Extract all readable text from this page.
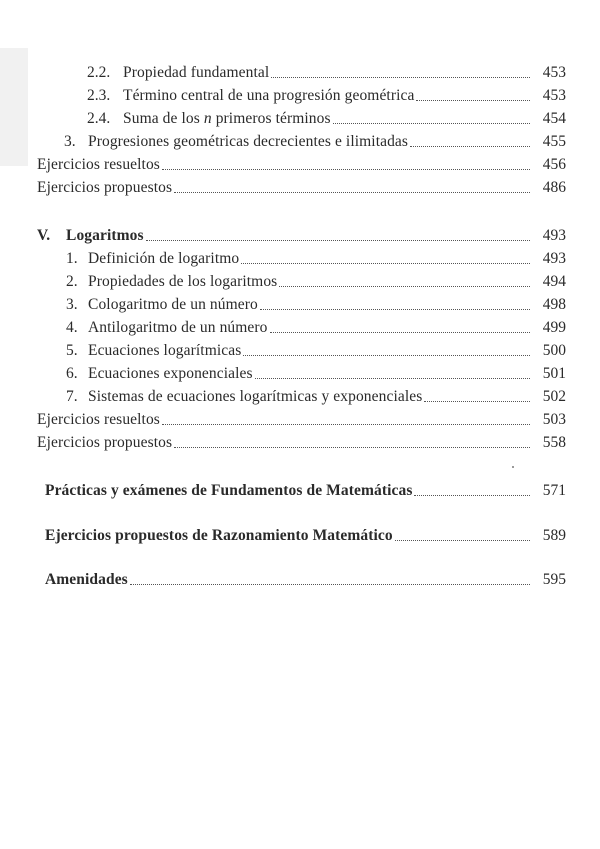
2.2. Propiedad fundamental	453
2.3. Término central de una progresión geométrica	453
2.4. Suma de los n primeros términos	454
3. Progresiones geométricas decrecientes e ilimitadas	455
Ejercicios resueltos	456
Ejercicios propuestos	486
V.	Logaritmos	493
1. Definición de logaritmo	493
2. Propiedades de los logaritmos	494
3. Cologaritmo de un número	498
4. Antilogaritmo de un número	499
5. Ecuaciones logarítmicas	500
6. Ecuaciones exponenciales	501
7. Sistemas de ecuaciones logarítmicas y exponenciales	502
Ejercicios resueltos	503
Ejercicios propuestos	558
Prácticas y exámenes de Fundamentos de Matemáticas	571
Ejercicios propuestos de Razonamiento Matemático	589
Amenidades	595
